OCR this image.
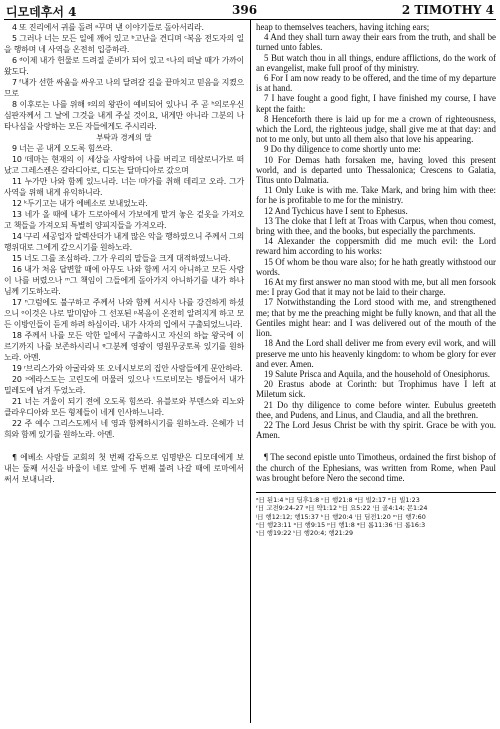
디모데후서 4	396	2 TIMOTHY 4

4 또 진리에서 귀를 돌려 ᵃ꾸며 낸 이야기들로 돌아서리라.

5 그러나 너는 모든 일에 깨어 있고 ᵇ고난을 견디며 ᶜ복음 전도자의 일을 행하며 네 사역을 온전히 입증하라.

6 ᵈ이제 내가 헌물로 드려질 준비가 되어 있고 ᵉ나의 떠날 때가 가까이 왔도다.

7 ᶠ내가 선한 싸움을 싸우고 나의 달려갈 길을 끝마치고 믿음을 지켰으므로

8 이후로는 나를 위해 ᵍ의의 왕관이 예비되어 있나니 주 곧 ʰ의로우신 심판자께서 그 날에 그것을 내게 주실 것이요, 내게만 아니라 그분의 나타나심을 사랑하는 모든 자들에게도 주시리라.

부탁과 경계의 말

9 너는 곧 내게 오도록 힘쓰라.

10 ⁱ데마는 현재의 이 세상을 사랑하여 나를 버리고 데살로니가로 떠났고 그레스켄은 갈라디아로, 디도는 달마디아로 갔으며

11 누가만 나와 함께 있느니라. 너는 ʲ마가를 취해 데리고 오라. 그가 사역을 위해 내게 유익하니라.

12 ᵏ두기고는 내가 에베소로 보내었노라.

13 네가 올 때에 내가 드로아에서 가보에게 맡겨 놓은 겉옷을 가져오고 책들을 가져오되 특별히 양피지들을 가져오라.

14 ˡ구리 세공업자 알렉산더가 내게 많은 악을 행하였으니 주께서 그의 행위대로 그에게 갚으시기를 원하노라.

15 너도 그를 조심하라. 그가 우리의 말들을 크게 대적하였느니라.

16 내가 처음 답변할 때에 아무도 나와 함께 서지 아니하고 모든 사람이 나를 버렸으나 ᵐ그 책임이 그들에게 돌아가지 아니하기를 내가 하나님께 기도하노라.

17 ⁿ그럼에도 불구하고 주께서 나와 함께 서시사 나를 강건하게 하셨으니 ᵒ이것은 나로 말미암아 그 선포된 ᵖ복음이 온전히 알려지게 하고 모든 이방인들이 듣게 하려 하심이라. 내가 사자의 입에서 구출되었느니라.

18 주께서 나를 모든 악한 일에서 구출하시고 자신의 하늘 왕국에 이르기까지 나를 보존하시리니 ᵠ그분께 영광이 영원무궁토록 있기를 원하노라. 아멘.

19 ʳ브리스가와 아굴라와 또 오네시보로의 집안 사람들에게 문안하라.

20 ˢ에라스도는 고린도에 머물러 있으나 ᵗ드로비모는 병들어서 내가 밀레도에 남겨 두었노라.

21 너는 겨울이 되기 전에 오도록 힘쓰라. 유블로와 부덴스와 리노와 클라우디아와 모든 형제들이 네게 인사하느니라.

22 주 예수 그리스도께서 네 영과 함께하시기를 원하노라. 은혜가 너희와 함께 있기를 원하노라. 아멘.

¶ 에베소 사람들 교회의 첫 번째 감독으로 임명받은 디모데에게 보내는 둘째 서신을 바울이 네로 앞에 두 번째 불려 나갈 때에 로마에서 써서 보내니라.

heap to themselves teachers, having itching ears;

4 And they shall turn away their ears from the truth, and shall be turned unto fables.

5 But watch thou in all things, endure afflictions, do the work of an evangelist, make full proof of thy ministry.

6 For I am now ready to be offered, and the time of my departure is at hand.

7 I have fought a good fight, I have finished my course, I have kept the faith:

8 Henceforth there is laid up for me a crown of righteousness, which the Lord, the righteous judge, shall give me at that day: and not to me only, but unto all them also that love his appearing.

9 Do thy diligence to come shortly unto me:

10 For Demas hath forsaken me, having loved this present world, and is departed unto Thessalonica; Crescens to Galatia, Titus unto Dalmatia.

11 Only Luke is with me. Take Mark, and bring him with thee: for he is profitable to me for the ministry.

12 And Tychicus have I sent to Ephesus.

13 The cloke that I left at Troas with Carpus, when thou comest, bring with thee, and the books, but especially the parchments.

14 Alexander the coppersmith did me much evil: the Lord reward him according to his works:

15 Of whom be thou ware also; for he hath greatly withstood our words.

16 At my first answer no man stood with me, but all men forsook me: I pray God that it may not be laid to their charge.

17 Notwithstanding the Lord stood with me, and strengthened me; that by me the preaching might be fully known, and that all the Gentiles might hear: and I was delivered out of the mouth of the lion.

18 And the Lord shall deliver me from every evil work, and will preserve me unto his heavenly kingdom: to whom be glory for ever and ever. Amen.

19 Salute Prisca and Aquila, and the household of Onesiphorus.

20 Erastus abode at Corinth: but Trophimus have I left at Miletum sick.

21 Do thy diligence to come before winter. Eubulus greeteth thee, and Pudens, and Linus, and Claudia, and all the brethren.

22 The Lord Jesus Christ be with thy spirit. Grace be with you. Amen.

¶ The second epistle unto Timotheus, ordained the first bishop of the church of the Ephesians, was written from Rome, when Paul was brought before Nero the second time.

ᵃ日 된1:4 ᵇ日 딤후1:8 ᶜ日 행21:8 ᵈ日 빌2:17 ᵉ日 빌1:23
ᶠ日 고전9:24-27 ᵍ日 약1:12 ʰ日 요5:22 ⁱ日 골4:14; 몬1:24
ʲ日 행12:12; 행15:37 ᵏ日 행20:4 ˡ日 딤전1:20 ᵐ日 행7:60
ⁿ日 행23:11 ᵒ日 행9:15 ᵖ日 행1:8 ᵠ日 롬11:36 ʳ日 롬16:3
ˢ日 행19:22 ᵗ日 행20:4; 행21:29
